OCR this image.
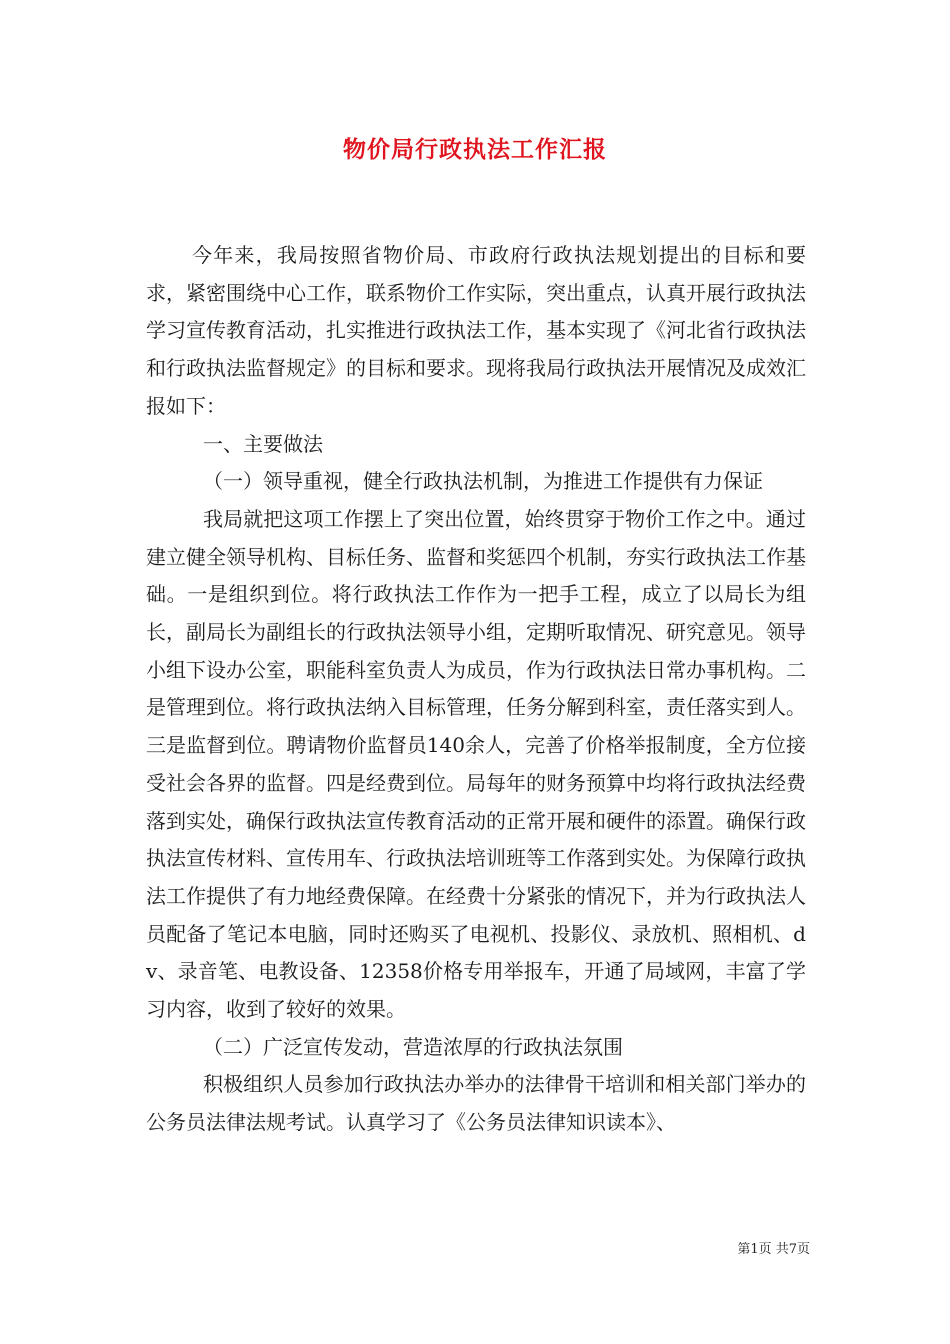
物价局行政执法工作汇报

今年来，我局按照省物价局、市政府行政执法规划提出的目标和要求，紧密围绕中心工作，联系物价工作实际，突出重点，认真开展行政执法学习宣传教育活动，扎实推进行政执法工作，基本实现了《河北省行政执法和行政执法监督规定》的目标和要求。现将我局行政执法开展情况及成效汇报如下：

一、主要做法

（一）领导重视，健全行政执法机制，为推进工作提供有力保证

我局就把这项工作摆上了突出位置，始终贯穿于物价工作之中。通过建立健全领导机构、目标任务、监督和奖惩四个机制，夯实行政执法工作基础。一是组织到位。将行政执法工作作为一把手工程，成立了以局长为组长，副局长为副组长的行政执法领导小组，定期听取情况、研究意见。领导小组下设办公室，职能科室负责人为成员，作为行政执法日常办事机构。二是管理到位。将行政执法纳入目标管理，任务分解到科室，责任落实到人。三是监督到位。聘请物价监督员140余人，完善了价格举报制度，全方位接受社会各界的监督。四是经费到位。局每年的财务预算中均将行政执法经费落到实处，确保行政执法宣传教育活动的正常开展和硬件的添置。确保行政执法宣传材料、宣传用车、行政执法培训班等工作落到实处。为保障行政执法工作提供了有力地经费保障。在经费十分紧张的情况下，并为行政执法人员配备了笔记本电脑，同时还购买了电视机、投影仪、录放机、照相机、dv、录音笔、电教设备、12358价格专用举报车，开通了局域网，丰富了学习内容，收到了较好的效果。

（二）广泛宣传发动，营造浓厚的行政执法氛围

积极组织人员参加行政执法办举办的法律骨干培训和相关部门举办的公务员法律法规考试。认真学习了《公务员法律知识读本》、

第1页 共7页
